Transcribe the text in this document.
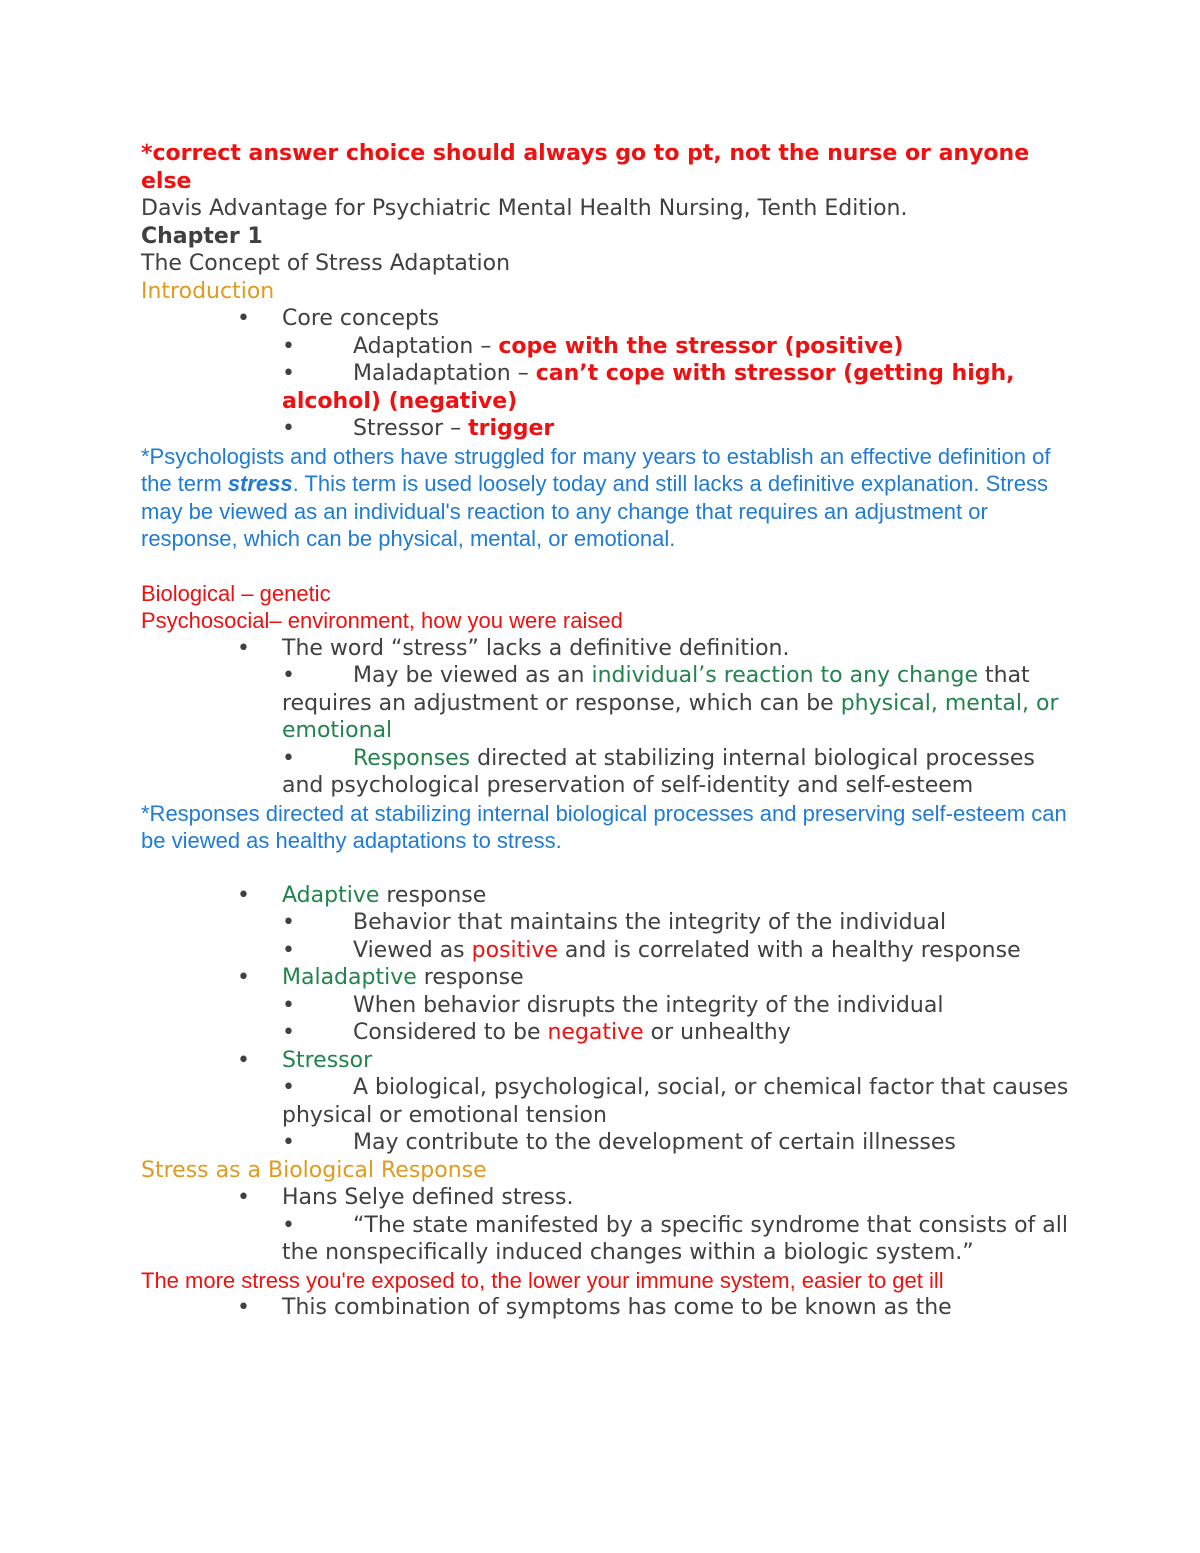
*correct answer choice should always go to pt, not the nurse or anyone else

Davis Advantage for Psychiatric Mental Health Nursing, Tenth Edition.

Chapter 1

The Concept of Stress Adaptation

Introduction

• Core concepts

•	Adaptation – cope with the stressor (positive)

•	Maladaptation – can’t cope with stressor (getting high, alcohol) (negative)

•	Stressor – trigger

*Psychologists and others have struggled for many years to establish an effective definition of the term stress. This term is used loosely today and still lacks a definitive explanation. Stress may be viewed as an individual's reaction to any change that requires an adjustment or response, which can be physical, mental, or emotional.

Biological – genetic

Psychosocial– environment, how you were raised

• The word “stress” lacks a definitive definition.

•	May be viewed as an individual’s reaction to any change that requires an adjustment or response, which can be physical, mental, or emotional

•	Responses directed at stabilizing internal biological processes and psychological preservation of self-identity and self-esteem

*Responses directed at stabilizing internal biological processes and preserving self-esteem can be viewed as healthy adaptations to stress.

• Adaptive response

•	Behavior that maintains the integrity of the individual

•	Viewed as positive and is correlated with a healthy response

• Maladaptive response

•	When behavior disrupts the integrity of the individual

•	Considered to be negative or unhealthy

• Stressor

•	A biological, psychological, social, or chemical factor that causes physical or emotional tension

•	May contribute to the development of certain illnesses

Stress as a Biological Response

• Hans Selye defined stress.

•	“The state manifested by a specific syndrome that consists of all the nonspecifically induced changes within a biologic system.”

The more stress you're exposed to, the lower your immune system, easier to get ill

• This combination of symptoms has come to be known as the
